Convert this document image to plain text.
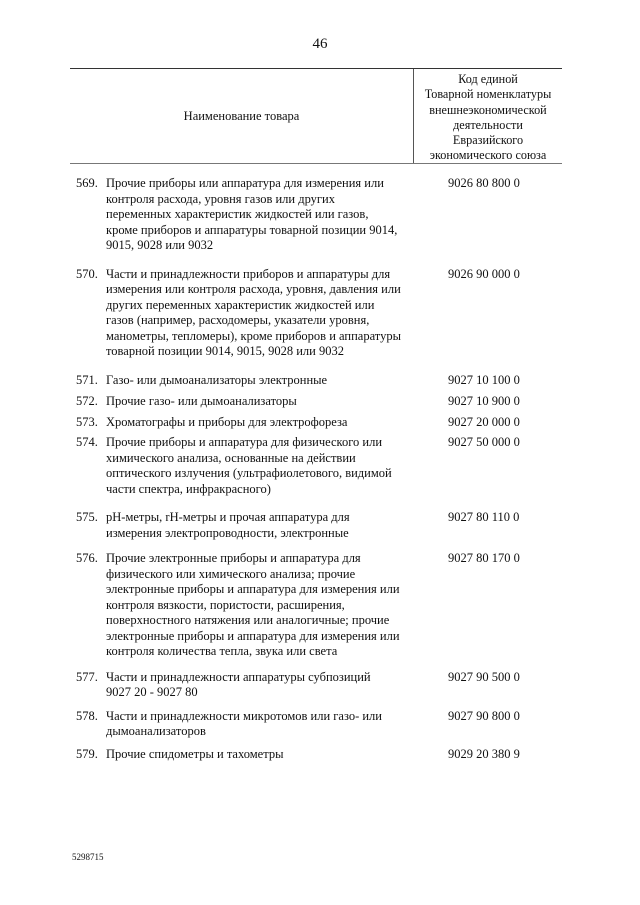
46
Наименование товара
Код единой
Товарной номенклатуры
внешнеэкономической
деятельности
Евразийского
экономического союза
569. Прочие приборы или аппаратура для измерения или
контроля расхода, уровня газов или других
переменных характеристик жидкостей или газов,
кроме приборов и аппаратуры товарной позиции 9014,
9015, 9028 или 9032
9026 80 800 0
570. Части и принадлежности приборов и аппаратуры для
измерения или контроля расхода, уровня, давления или
других переменных характеристик жидкостей или
газов (например, расходомеры, указатели уровня,
манометры, тепломеры), кроме приборов и аппаратуры
товарной позиции 9014, 9015, 9028 или 9032
9026 90 000 0
571. Газо- или дымоанализаторы электронные	9027 10 100 0
572. Прочие газо- или дымоанализаторы	9027 10 900 0
573. Хроматографы и приборы для электрофореза	9027 20 000 0
574. Прочие приборы и аппаратура для физического или
химического анализа, основанные на действии
оптического излучения (ультрафиолетового, видимой
части спектра, инфракрасного)
9027 50 000 0
575. pH-метры, rH-метры и прочая аппаратура для
измерения электропроводности, электронные
9027 80 110 0
576. Прочие электронные приборы и аппаратура для
физического или химического анализа; прочие
электронные приборы и аппаратура для измерения или
контроля вязкости, пористости, расширения,
поверхностного натяжения или аналогичные; прочие
электронные приборы и аппаратура для измерения или
контроля количества тепла, звука или света
9027 80 170 0
577. Части и принадлежности аппаратуры субпозиций
9027 20 - 9027 80
9027 90 500 0
578. Части и принадлежности микротомов или газо- или
дымоанализаторов
9027 90 800 0
579. Прочие спидометры и тахометры	9029 20 380 9
5298715
